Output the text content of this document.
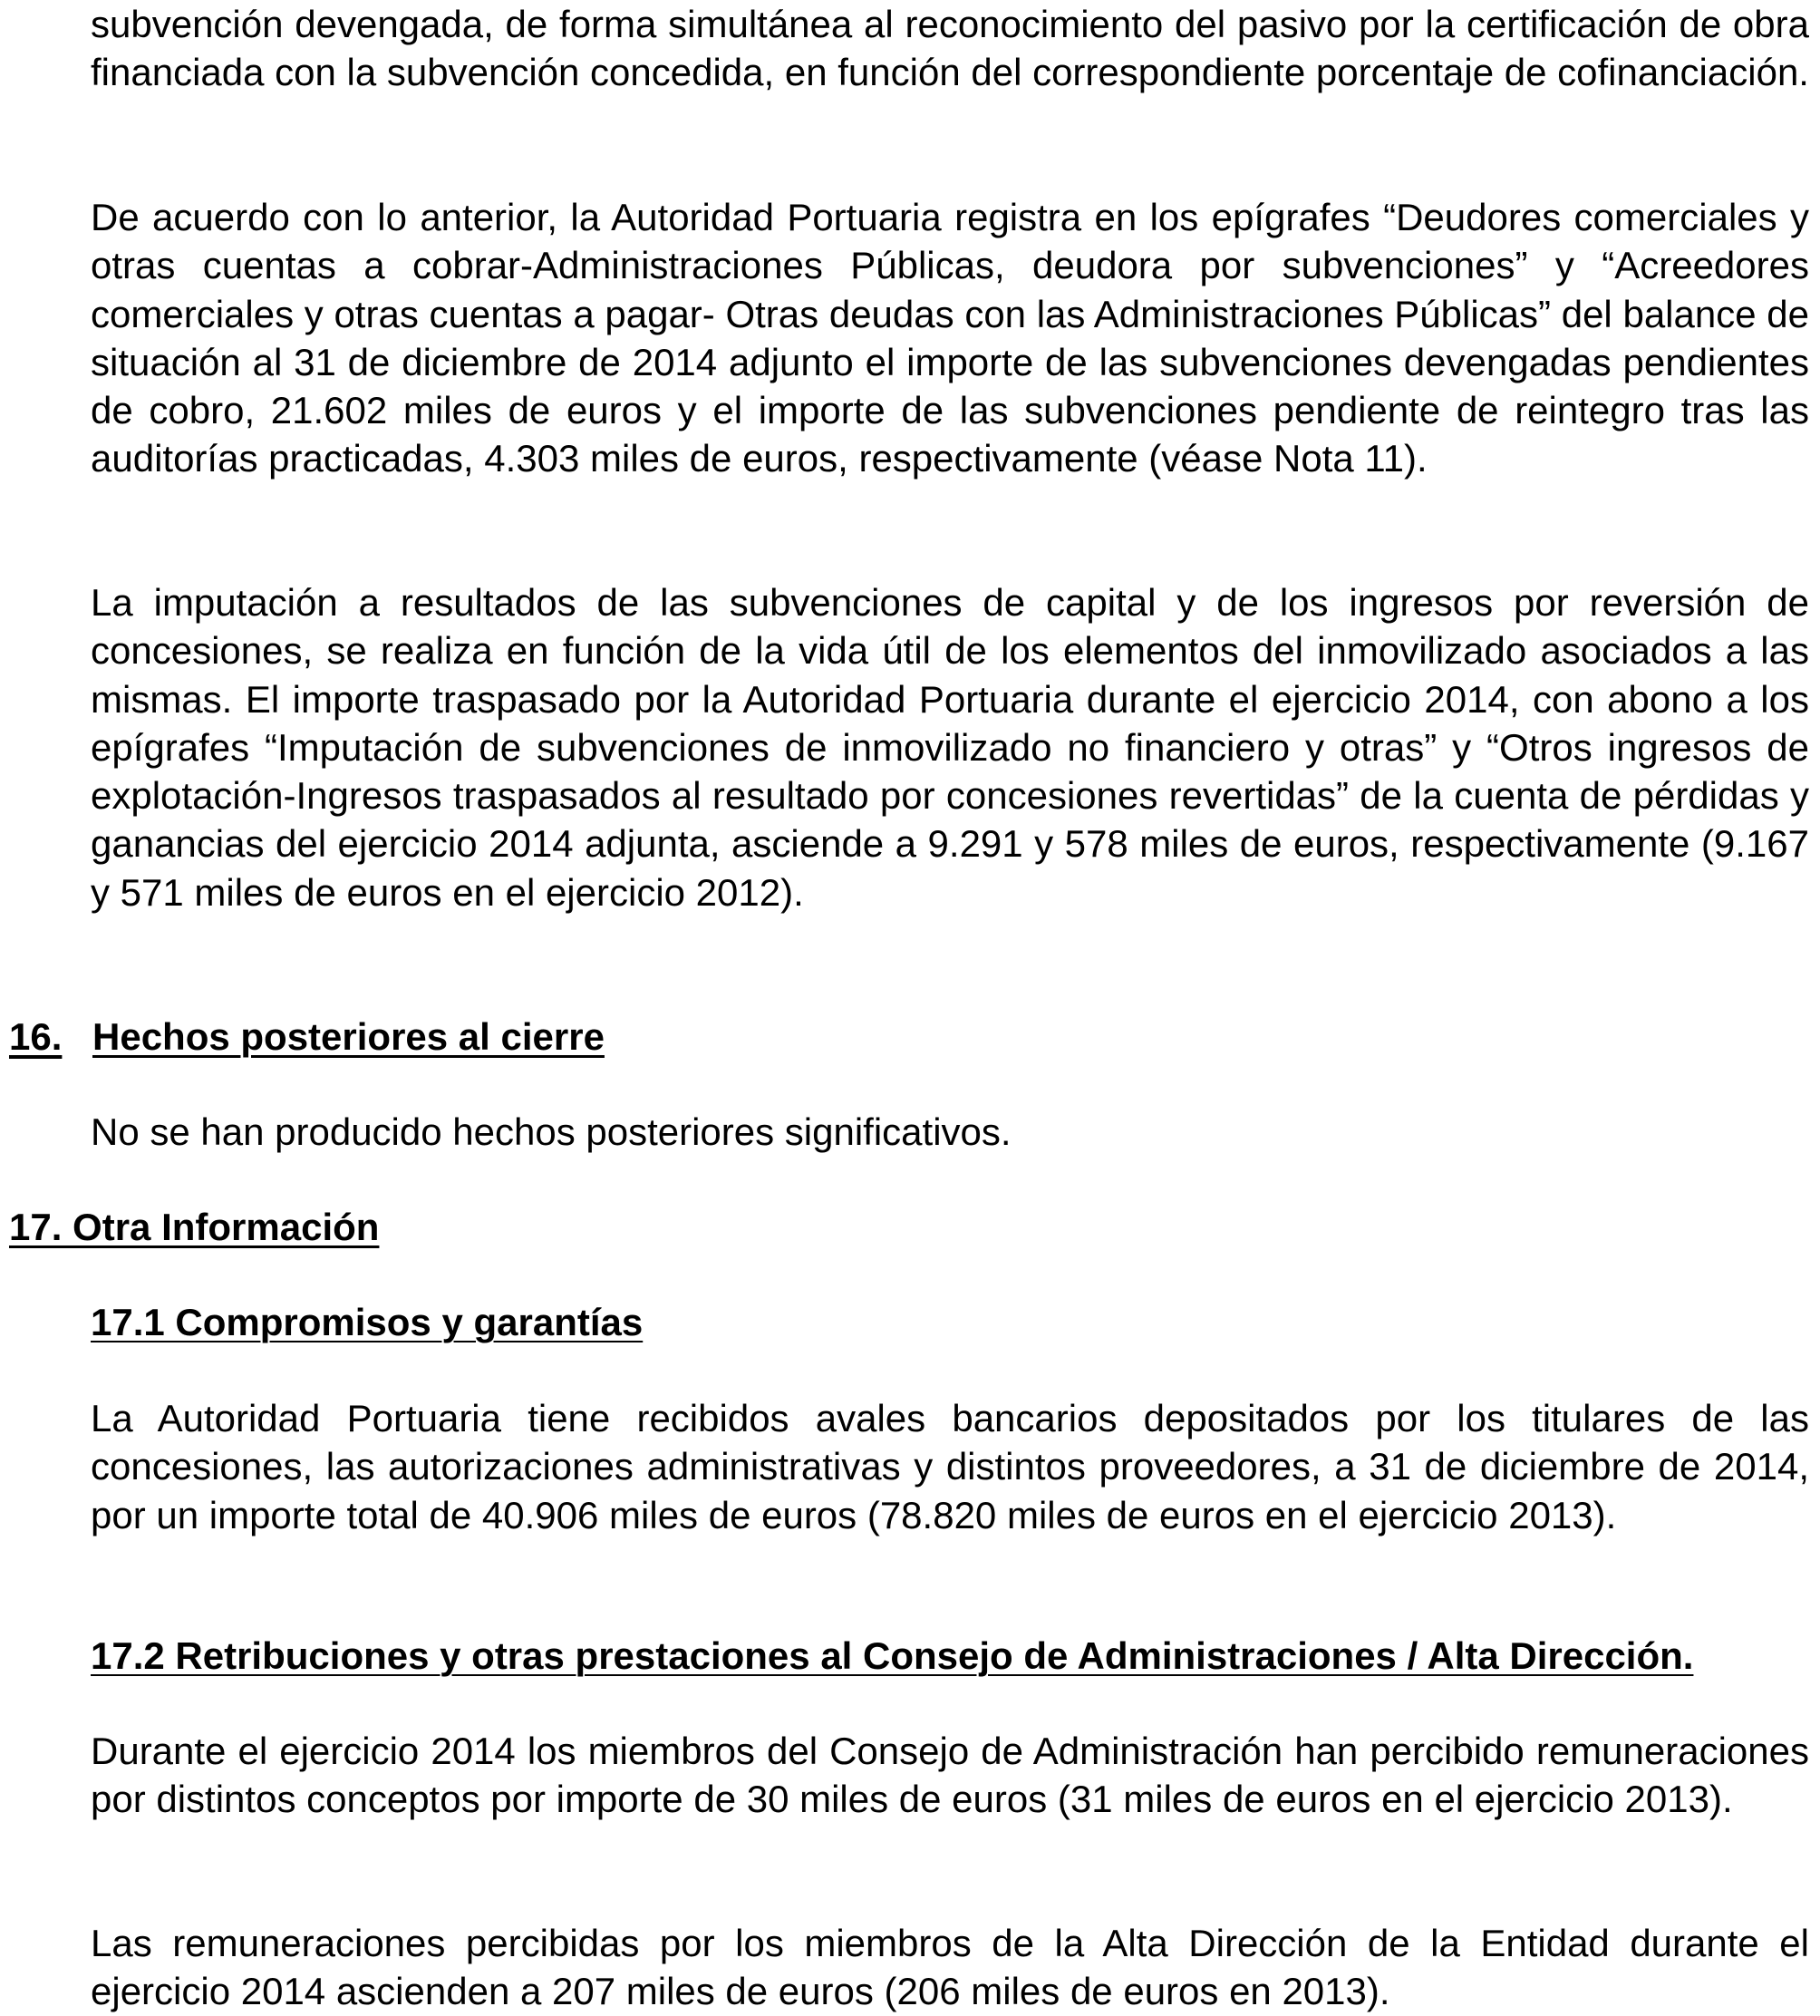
subvención devengada, de forma simultánea al reconocimiento del pasivo por la certificación de obra financiada con la subvención concedida, en función del correspondiente porcentaje de cofinanciación.

De acuerdo con lo anterior, la Autoridad Portuaria registra en los epígrafes “Deudores comerciales y otras cuentas a cobrar-Administraciones Públicas, deudora por subvenciones” y “Acreedores comerciales y otras cuentas a pagar- Otras deudas con las Administraciones Públicas” del balance de situación al 31 de diciembre de 2014 adjunto el importe de las subvenciones devengadas pendientes de cobro, 21.602 miles de euros y el importe de las subvenciones pendiente de reintegro tras las auditorías practicadas, 4.303 miles de euros, respectivamente (véase Nota 11).

La imputación a resultados de las subvenciones de capital y de los ingresos por reversión de concesiones, se realiza en función de la vida útil de los elementos del inmovilizado asociados a las mismas. El importe traspasado por la Autoridad Portuaria durante el ejercicio 2014, con abono a los epígrafes “Imputación de subvenciones de inmovilizado no financiero y otras” y “Otros ingresos de explotación-Ingresos traspasados al resultado por concesiones revertidas” de la cuenta de pérdidas y ganancias del ejercicio 2014 adjunta, asciende a 9.291 y 578 miles de euros, respectivamente (9.167 y 571 miles de euros en el ejercicio 2012).

16. Hechos posteriores al cierre

No se han producido hechos posteriores significativos.

17. Otra Información
17.1 Compromisos y garantías

La Autoridad Portuaria tiene recibidos avales bancarios depositados por los titulares de las concesiones, las autorizaciones administrativas y distintos proveedores, a 31 de diciembre de 2014, por un importe total de 40.906 miles de euros (78.820 miles de euros en el ejercicio 2013).

17.2 Retribuciones y otras prestaciones al Consejo de Administraciones / Alta Dirección.

Durante el ejercicio 2014 los miembros del Consejo de Administración han percibido remuneraciones por distintos conceptos por importe de 30 miles de euros (31 miles de euros en el ejercicio 2013).

Las remuneraciones percibidas por los miembros de la Alta Dirección de la Entidad durante el ejercicio 2014 ascienden a 207 miles de euros (206 miles de euros en 2013).
